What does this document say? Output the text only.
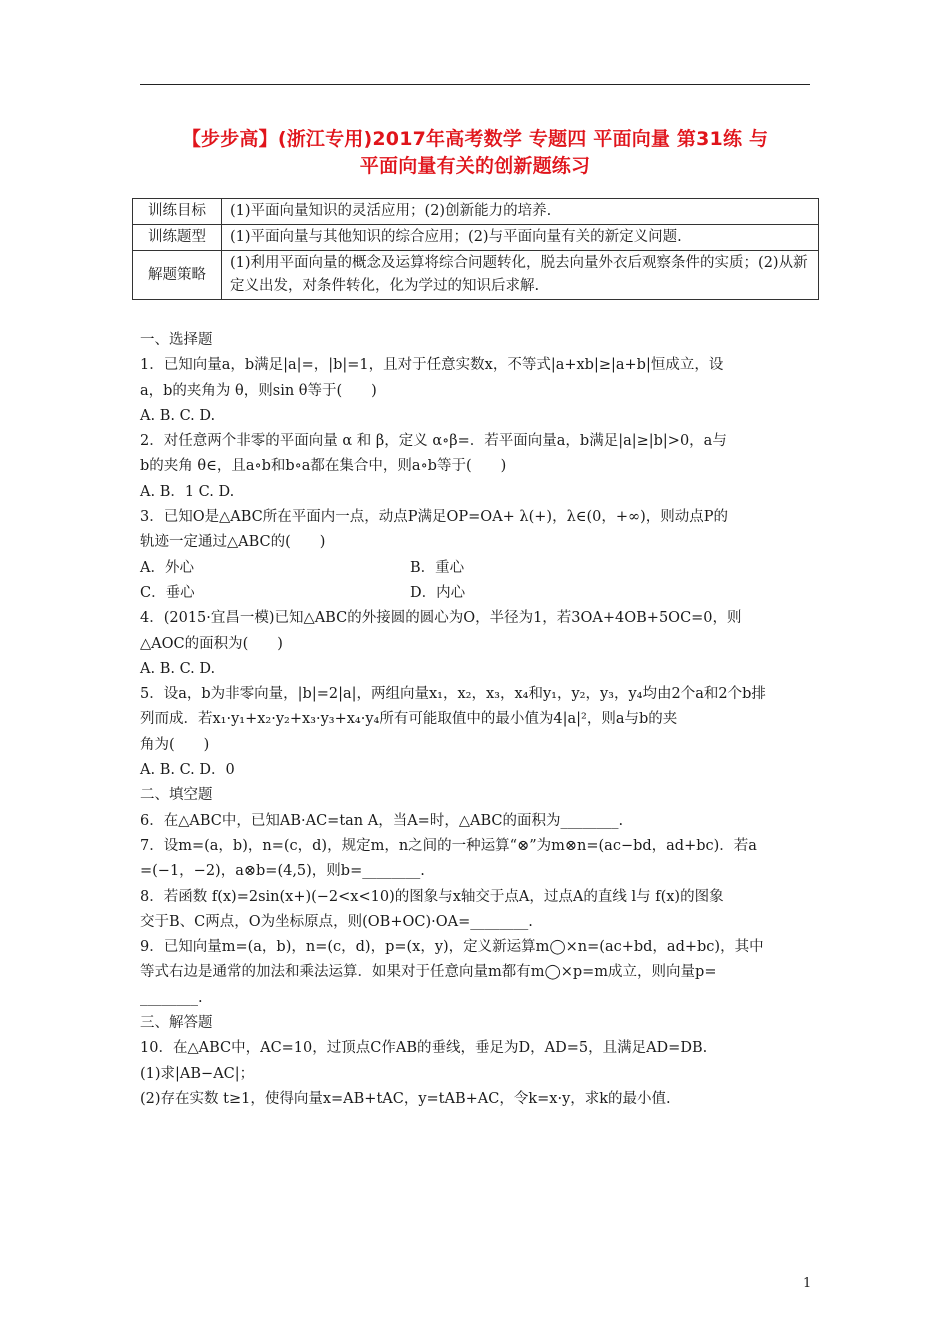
【步步高】(浙江专用)2017年高考数学 专题四 平面向量 第31练 与
平面向量有关的创新题练习
训练目标	(1)平面向量知识的灵活应用；(2)创新能力的培养.
训练题型	(1)平面向量与其他知识的综合应用；(2)与平面向量有关的新定义问题.
解题策略	(1)利用平面向量的概念及运算将综合问题转化，脱去向量外衣后观察条件的实质；(2)从新定义出发，对条件转化，化为学过的知识后求解.

一、选择题

1．已知向量a，b满足|a|=，|b|=1，且对于任意实数x，不等式|a+xb|≥|a+b|恒成立，设

a，b的夹角为 θ，则sin θ等于(　　)

A. B. C. D.

2．对任意两个非零的平面向量 α 和 β，定义 α∘β=．若平面向量a，b满足|a|≥|b|>0，a与

b的夹角 θ∈，且a∘b和b∘a都在集合中，则a∘b等于(　　)

A. B．1 C. D.

3．已知O是△ABC所在平面内一点，动点P满足OP=OA+ λ(+)，λ∈(0，+∞)，则动点P的

轨迹一定通过△ABC的(　　)

A．外心	B．重心
C．垂心	D．内心

4．(2015·宜昌一模)已知△ABC的外接圆的圆心为O，半径为1，若3OA+4OB+5OC=0，则

△AOC的面积为(　　)

A. B. C. D.

5．设a，b为非零向量，|b|=2|a|，两组向量x₁，x₂，x₃，x₄和y₁，y₂，y₃，y₄均由2个a和2个b排

列而成．若x₁·y₁+x₂·y₂+x₃·y₃+x₄·y₄所有可能取值中的最小值为4|a|²，则a与b的夹

角为(　　)

A. B. C. D．0

二、填空题

6．在△ABC中，已知AB·AC=tan A，当A=时，△ABC的面积为________.

7．设m=(a，b)，n=(c，d)，规定m，n之间的一种运算“⊗”为m⊗n=(ac−bd，ad+bc)．若a

=(−1，−2)，a⊗b=(4,5)，则b=________.

8．若函数 f(x)=2sin(x+)(−2<x<10)的图象与x轴交于点A，过点A的直线 l与 f(x)的图象

交于B、C两点，O为坐标原点，则(OB+OC)·OA=________.

9．已知向量m=(a，b)，n=(c，d)，p=(x，y)，定义新运算m◯×n=(ac+bd，ad+bc)，其中

等式右边是通常的加法和乘法运算．如果对于任意向量m都有m◯×p=m成立，则向量p=

________.

三、解答题

10．在△ABC中，AC=10，过顶点C作AB的垂线，垂足为D，AD=5，且满足AD=DB.

(1)求|AB−AC|；

(2)存在实数 t≥1，使得向量x=AB+tAC，y=tAB+AC，令k=x·y，求k的最小值.

1
